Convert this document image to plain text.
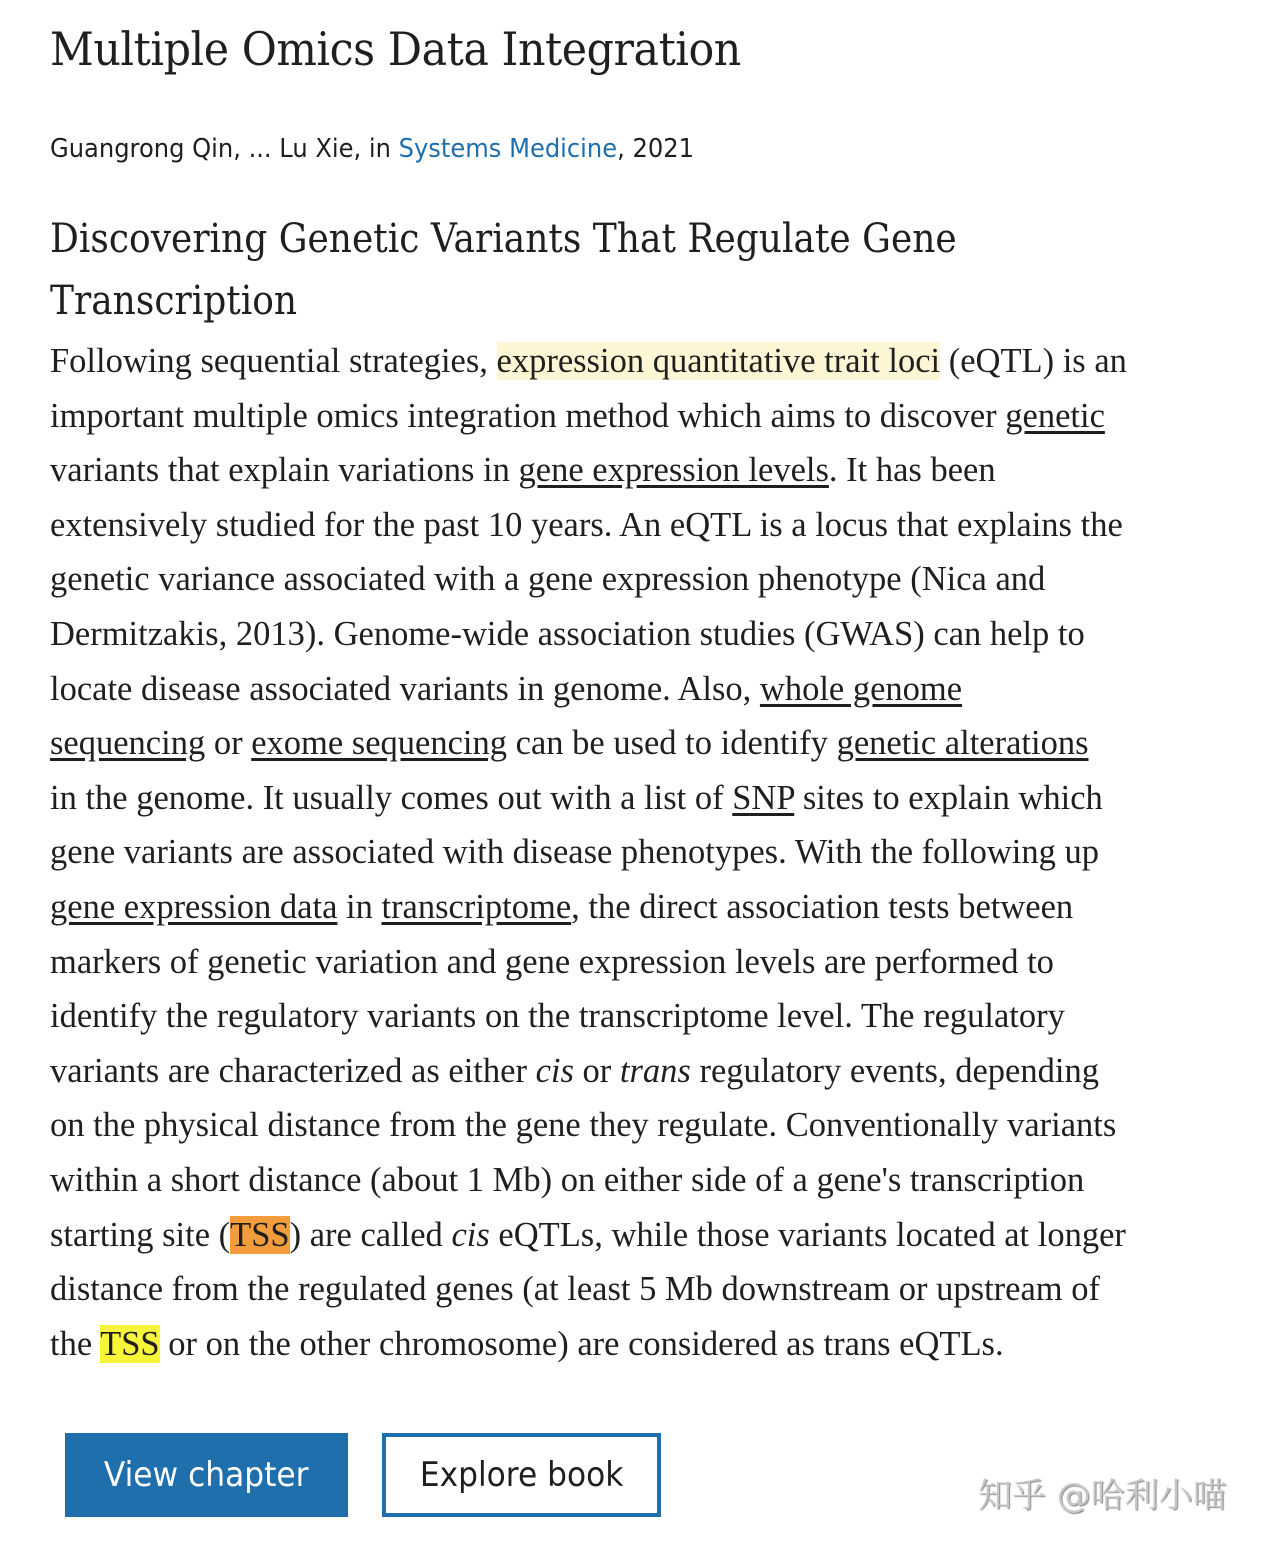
Multiple Omics Data Integration
Guangrong Qin, ... Lu Xie, in Systems Medicine, 2021
Discovering Genetic Variants That Regulate Gene Transcription
Following sequential strategies, expression quantitative trait loci (eQTL) is an
important multiple omics integration method which aims to discover genetic
variants that explain variations in gene expression levels. It has been
extensively studied for the past 10 years. An eQTL is a locus that explains the
genetic variance associated with a gene expression phenotype (Nica and
Dermitzakis, 2013). Genome-wide association studies (GWAS) can help to
locate disease associated variants in genome. Also, whole genome
sequencing or exome sequencing can be used to identify genetic alterations
in the genome. It usually comes out with a list of SNP sites to explain which
gene variants are associated with disease phenotypes. With the following up
gene expression data in transcriptome, the direct association tests between
markers of genetic variation and gene expression levels are performed to
identify the regulatory variants on the transcriptome level. The regulatory
variants are characterized as either cis or trans regulatory events, depending
on the physical distance from the gene they regulate. Conventionally variants
within a short distance (about 1 Mb) on either side of a gene's transcription
starting site (TSS) are called cis eQTLs, while those variants located at longer
distance from the regulated genes (at least 5 Mb downstream or upstream of
the TSS or on the other chromosome) are considered as trans eQTLs.
View chapter	Explore book
知乎 @哈利小喵
